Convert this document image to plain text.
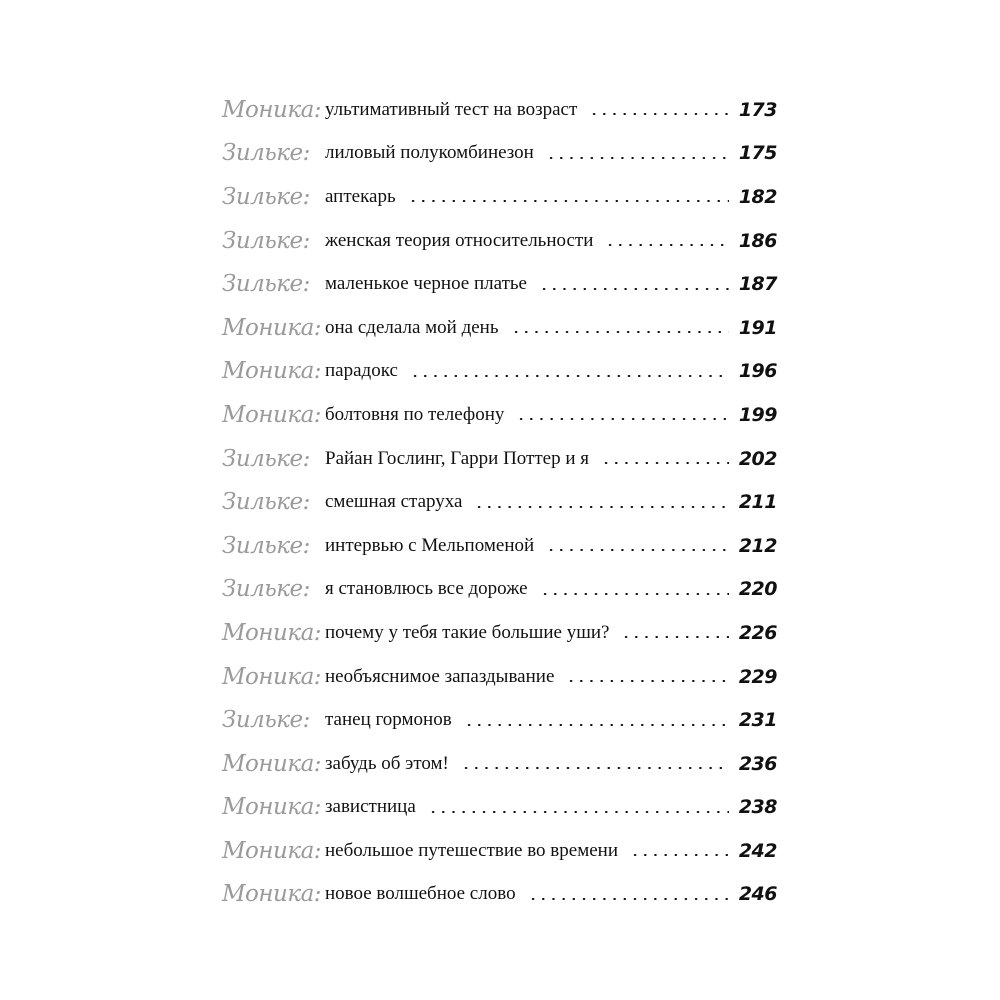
Моника: ультимативный тест на возраст	173
Зилькe: лиловый полукомбинезон	175
Зилькe: аптекарь	182
Зилькe: женская теория относительности	186
Зилькe: маленькое черное платье	187
Моника: она сделала мой день	191
Моника: парадокс	196
Моника: болтовня по телефону	199
Зилькe: Райан Гослинг, Гарри Поттер и я	202
Зилькe: смешная старуха	211
Зилькe: интервью с Мельпоменой	212
Зилькe: я становлюсь все дороже	220
Моника: почему у тебя такие большие уши?	226
Моника: необъяснимое запаздывание	229
Зилькe: танец гормонов	231
Моника: забудь об этом!	236
Моника: завистница	238
Моника: небольшое путешествие во времени	242
Моника: новое волшебное слово	246
